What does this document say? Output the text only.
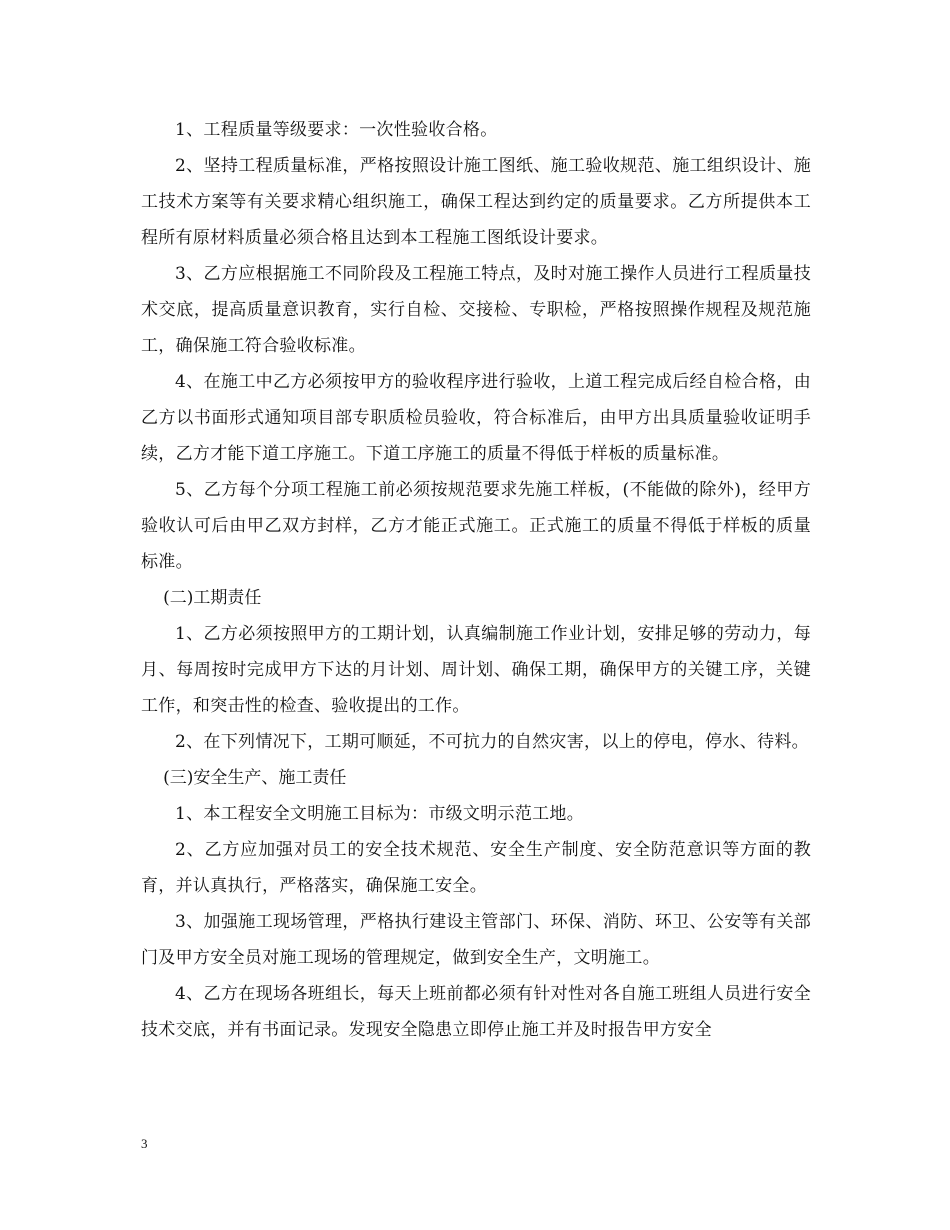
1、工程质量等级要求：一次性验收合格。

2、坚持工程质量标准，严格按照设计施工图纸、施工验收规范、施工组织设计、施工技术方案等有关要求精心组织施工，确保工程达到约定的质量要求。乙方所提供本工程所有原材料质量必须合格且达到本工程施工图纸设计要求。

3、乙方应根据施工不同阶段及工程施工特点，及时对施工操作人员进行工程质量技术交底，提高质量意识教育，实行自检、交接检、专职检，严格按照操作规程及规范施工，确保施工符合验收标准。

4、在施工中乙方必须按甲方的验收程序进行验收，上道工程完成后经自检合格，由乙方以书面形式通知项目部专职质检员验收，符合标准后，由甲方出具质量验收证明手续，乙方才能下道工序施工。下道工序施工的质量不得低于样板的质量标准。

5、乙方每个分项工程施工前必须按规范要求先施工样板，(不能做的除外)，经甲方验收认可后由甲乙双方封样，乙方才能正式施工。正式施工的质量不得低于样板的质量标准。

(二)工期责任

1、乙方必须按照甲方的工期计划，认真编制施工作业计划，安排足够的劳动力，每月、每周按时完成甲方下达的月计划、周计划、确保工期，确保甲方的关键工序，关键工作，和突击性的检查、验收提出的工作。

2、在下列情况下，工期可顺延，不可抗力的自然灾害，以上的停电，停水、待料。

(三)安全生产、施工责任

1、本工程安全文明施工目标为：市级文明示范工地。

2、乙方应加强对员工的安全技术规范、安全生产制度、安全防范意识等方面的教育，并认真执行，严格落实，确保施工安全。

3、加强施工现场管理，严格执行建设主管部门、环保、消防、环卫、公安等有关部门及甲方安全员对施工现场的管理规定，做到安全生产，文明施工。

4、乙方在现场各班组长，每天上班前都必须有针对性对各自施工班组人员进行安全技术交底，并有书面记录。发现安全隐患立即停止施工并及时报告甲方安全

3
